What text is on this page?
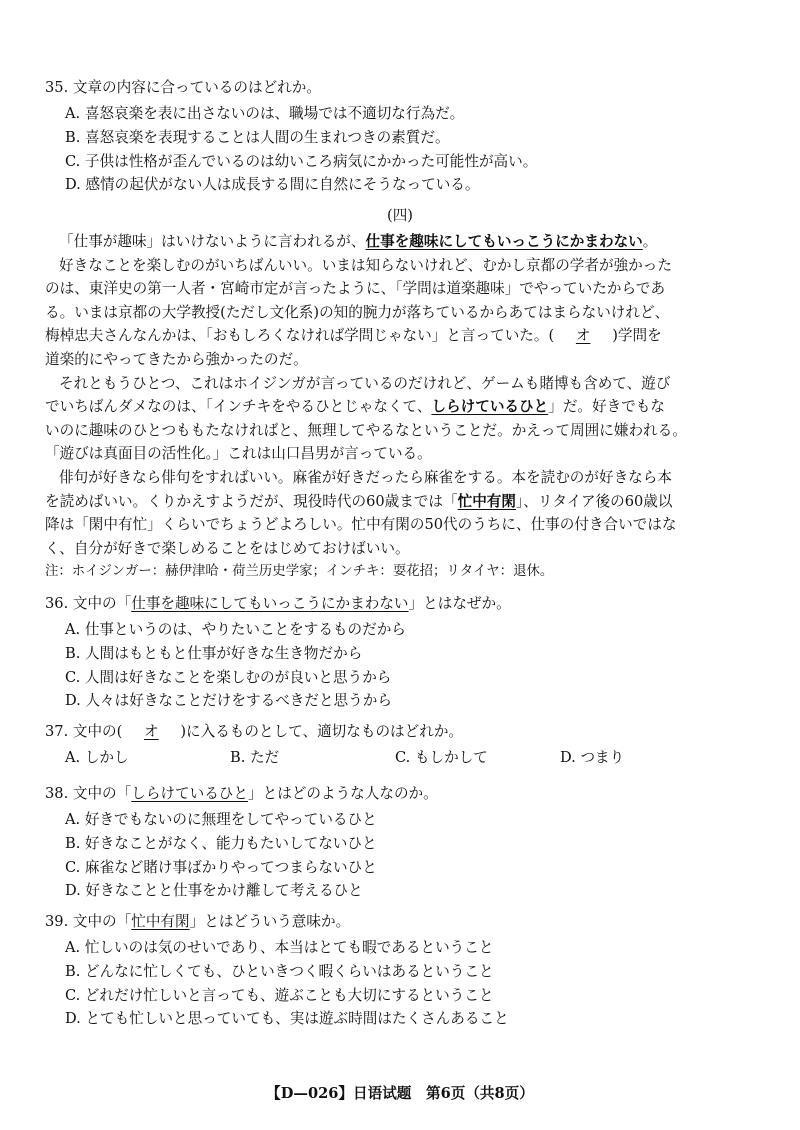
35. 文章の内容に合っているのはどれか。
A. 喜怒哀楽を表に出さないのは、職場では不適切な行為だ。
B. 喜怒哀楽を表現することは人間の生まれつきの素質だ。
C. 子供は性格が歪んでいるのは幼いころ病気にかかった可能性が高い。
D. 感情の起伏がない人は成長する間に自然にそうなっている。
(四)
「仕事が趣味」はいけないように言われるが、仕事を趣味にしてもいっこうにかまわない。
好きなことを楽しむのがいちばんいい。いまは知らないけれど、むかし京都の学者が強かった
のは、東洋史の第一人者・宮崎市定が言ったように、「学問は道楽趣味」でやっていたからであ
る。いまは京都の大学教授(ただし文化系)の知的腕力が落ちているからあてはまらないけれど、
梅棹忠夫さんなんかは、「おもしろくなければ学問じゃない」と言っていた。( オ )学問を
道楽的にやってきたから強かったのだ。
それともうひとつ、これはホイジンガが言っているのだけれど、ゲームも賭博も含めて、遊び
でいちばんダメなのは、「インチキをやるひとじゃなくて、しらけているひと」だ。好きでもな
いのに趣味のひとつももたなければと、無理してやるなということだ。かえって周囲に嫌われる。
「遊びは真面目の活性化。」これは山口昌男が言っている。
俳句が好きなら俳句をすればいい。麻雀が好きだったら麻雀をする。本を読むのが好きなら本
を読めばいい。くりかえすようだが、現役時代の60歳までは「忙中有閑」、リタイア後の60歳以
降は「閑中有忙」くらいでちょうどよろしい。忙中有閑の50代のうちに、仕事の付き合いではな
く、自分が好きで楽しめることをはじめておけばいい。
注：ホイジンガー：赫伊津哈・荷兰历史学家；インチキ：耍花招；リタイヤ：退休。
36. 文中の「仕事を趣味にしてもいっこうにかまわない」とはなぜか。
A. 仕事というのは、やりたいことをするものだから
B. 人間はもともと仕事が好きな生き物だから
C. 人間は好きなことを楽しむのが良いと思うから
D. 人々は好きなことだけをするべきだと思うから
37. 文中の( オ )に入るものとして、適切なものはどれか。
A. しかし	B. ただ	C. もしかして	D. つまり
38. 文中の「しらけているひと」とはどのような人なのか。
A. 好きでもないのに無理をしてやっているひと
B. 好きなことがなく、能力もたいしてないひと
C. 麻雀など賭け事ばかりやってつまらないひと
D. 好きなことと仕事をかけ離して考えるひと
39. 文中の「忙中有閑」とはどういう意味か。
A. 忙しいのは気のせいであり、本当はとても暇であるということ
B. どんなに忙しくても、ひといきつく暇くらいはあるということ
C. どれだけ忙しいと言っても、遊ぶことも大切にするということ
D. とても忙しいと思っていても、実は遊ぶ時間はたくさんあること
【D—026】日语试题　第6页（共8页）
